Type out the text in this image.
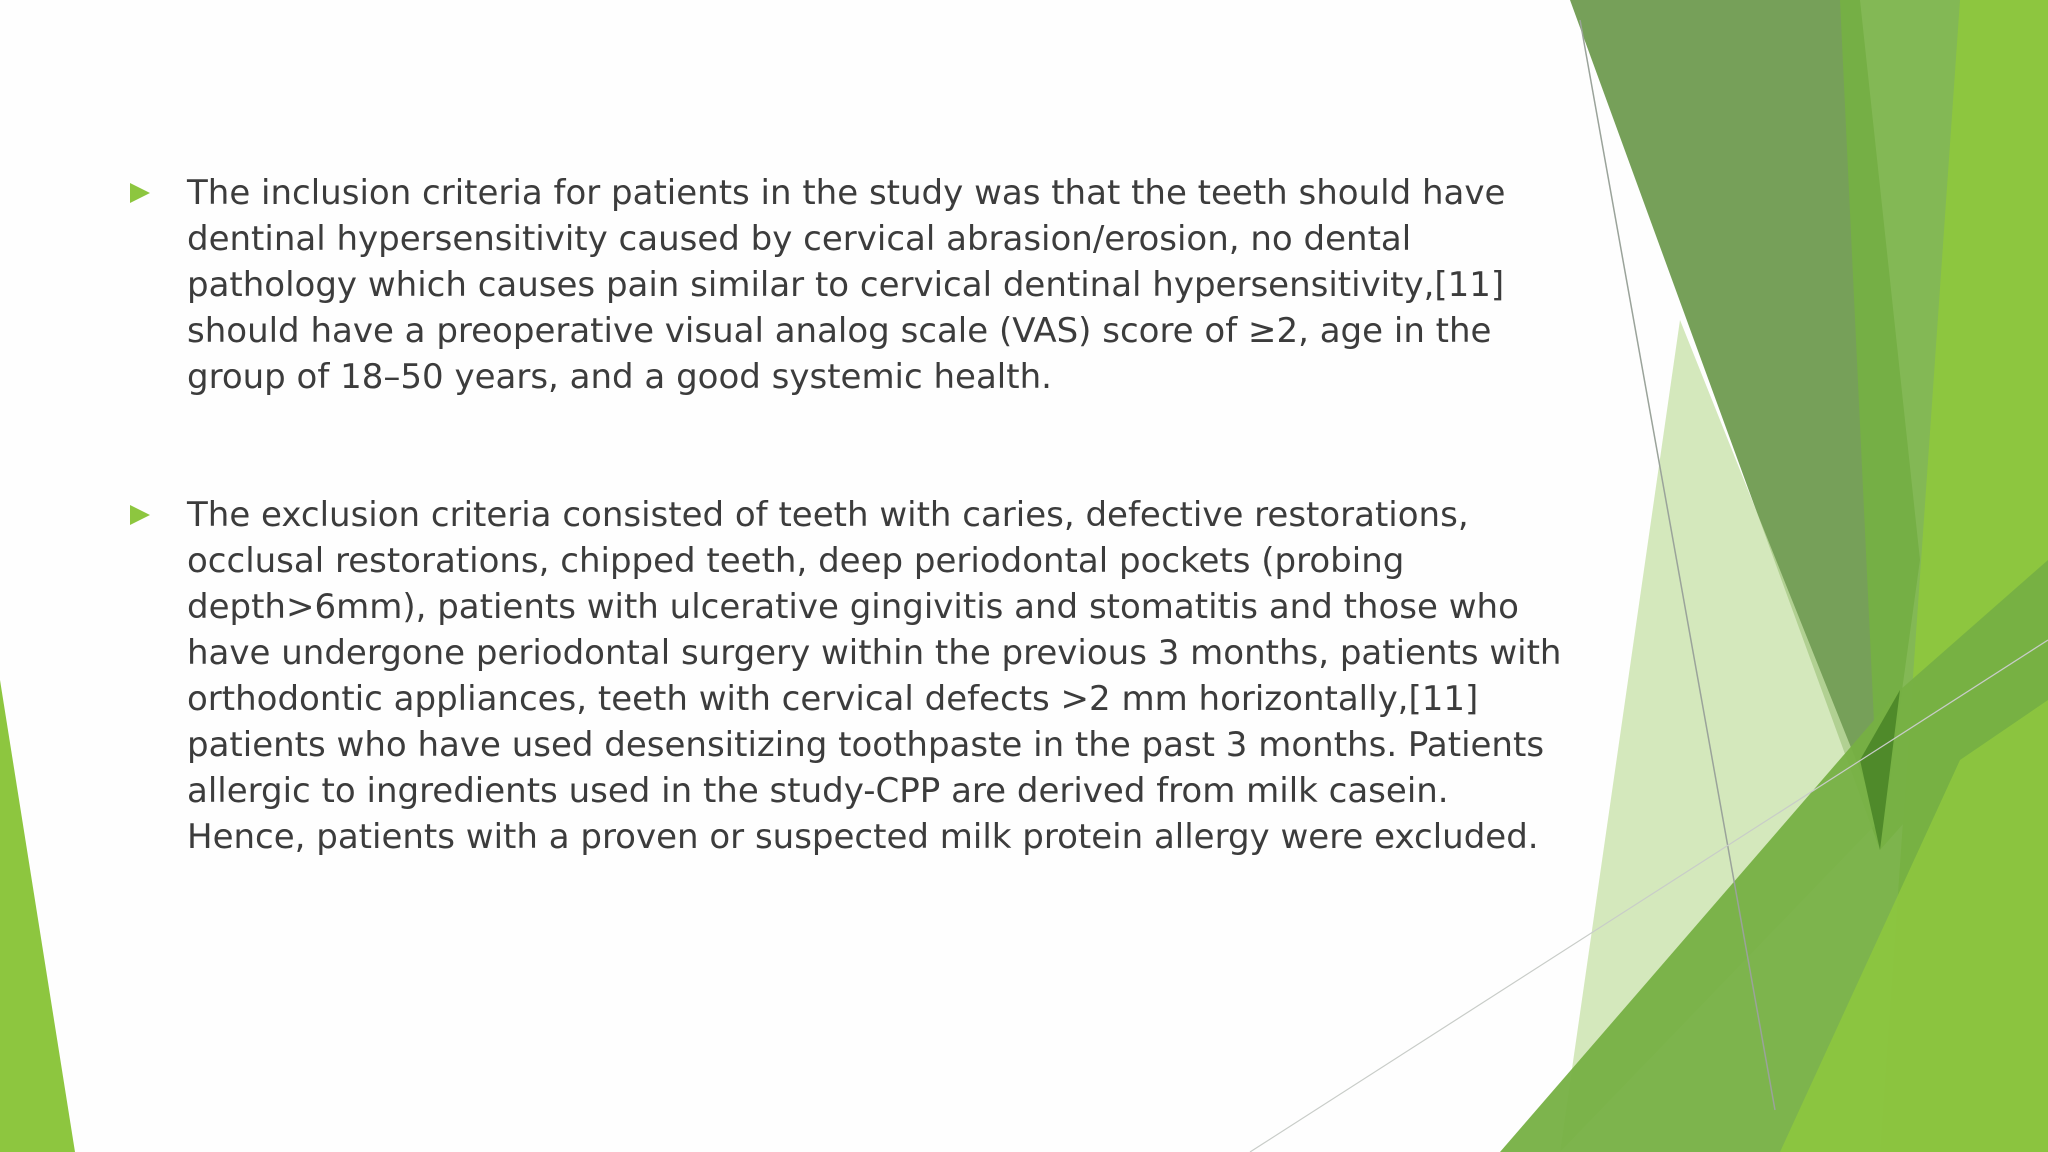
The inclusion criteria for patients in the study was that the teeth should have dentinal hypersensitivity caused by cervical abrasion/erosion, no dental pathology which causes pain similar to cervical dentinal hypersensitivity,[11] should have a preoperative visual analog scale (VAS) score of ≥2, age in the group of 18–50 years, and a good systemic health.

The exclusion criteria consisted of teeth with caries, defective restorations, occlusal restorations, chipped teeth, deep periodontal pockets (probing depth>6mm), patients with ulcerative gingivitis and stomatitis and those who have undergone periodontal surgery within the previous 3 months, patients with orthodontic appliances, teeth with cervical defects >2 mm horizontally,[11] patients who have used desensitizing toothpaste in the past 3 months. Patients allergic to ingredients used in the study-CPP are derived from milk casein. Hence, patients with a proven or suspected milk protein allergy were excluded.
